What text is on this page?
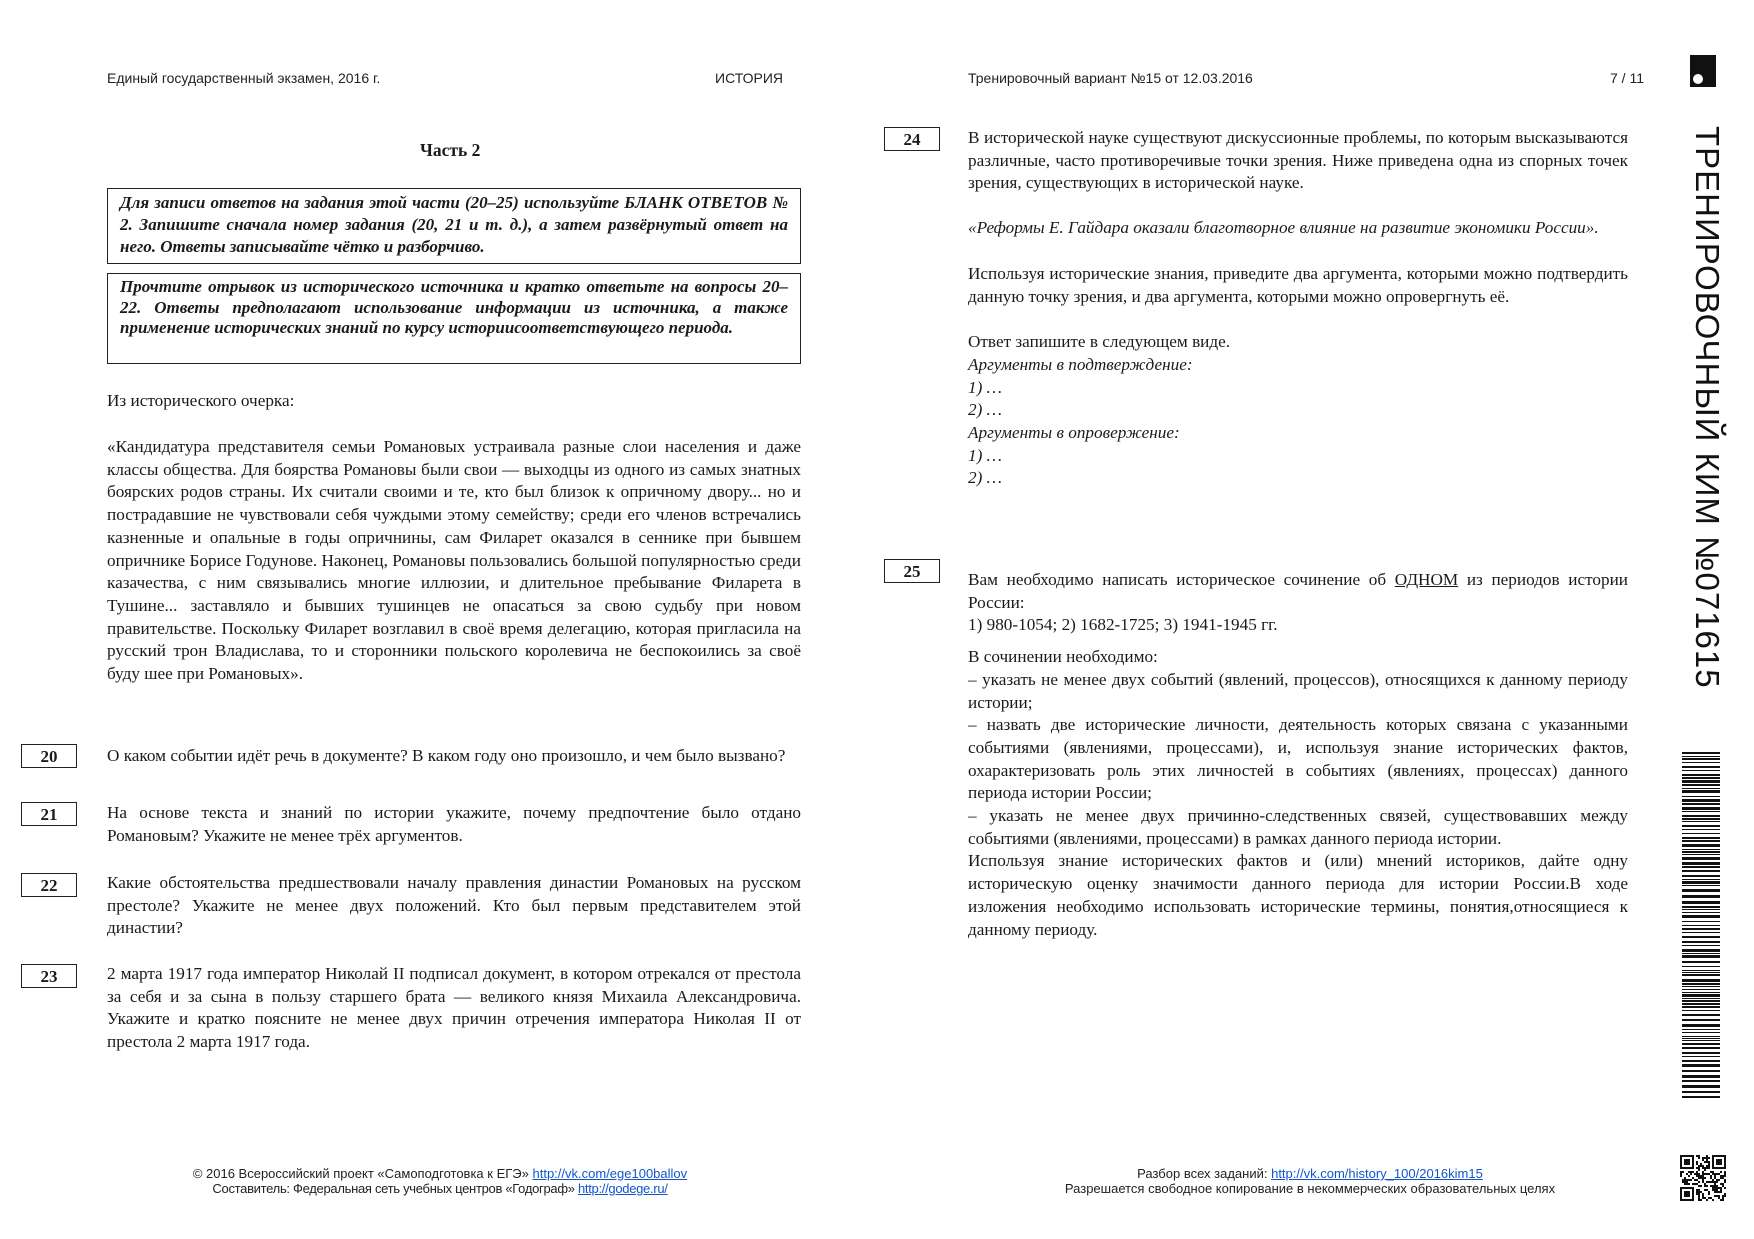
Единый государственный экзамен, 2016 г.	ИСТОРИЯ	Тренировочный вариант №15 от 12.03.2016	7 / 11
Часть 2
Для записи ответов на задания этой части (20–25) используйте БЛАНК ОТВЕТОВ № 2. Запишите сначала номер задания (20, 21 и т. д.), а затем развёрнутый ответ на него. Ответы записывайте чётко и разборчиво.
Прочтите отрывок из исторического источника и кратко ответьте на вопросы 20–22. Ответы предполагают использование информации из источника, а также применение исторических знаний по курсу историисоответствующего периода.

Из исторического очерка:

«Кандидатура представителя семьи Романовых устраивала разные слои населения и даже классы общества. Для боярства Романовы были свои — выходцы из одного из самых знатных боярских родов страны. Их считали своими и те, кто был близок к опричному двору... но и пострадавшие не чувствовали себя чуждыми этому семейству; среди его членов встречались казненные и опальные в годы опричнины, сам Филарет оказался в сеннике при бывшем опричнике Борисе Годунове. Наконец, Романовы пользовались большой популярностью среди казачества, с ним связывались многие иллюзии, и длительное пребывание Филарета в Тушине... заставляло и бывших тушинцев не опасаться за свою судьбу при новом правительстве. Поскольку Филарет возглавил в своё время делегацию, которая пригласила на русский трон Владислава, то и сторонники польского королевича не беспокоились за своё буду шее при Романовых».

20	О каком событии идёт речь в документе? В каком году оно произошло, и чем было вызвано?
21	На основе текста и знаний по истории укажите, почему предпочтение было отдано Романовым? Укажите не менее трёх аргументов.
22	Какие обстоятельства предшествовали началу правления династии Романовых на русском престоле? Укажите не менее двух положений. Кто был первым представителем этой династии?
23	2 марта 1917 года император Николай II подписал документ, в котором отрекался от престола за себя и за сына в пользу старшего брата — великого князя Михаила Александровича. Укажите и кратко поясните не менее двух причин отречения императора Николая II от престола 2 марта 1917 года.
24	В исторической науке существуют дискуссионные проблемы, по которым высказываются различные, часто противоречивые точки зрения. Ниже приведена одна из спорных точек зрения, существующих в исторической науке.

«Реформы Е. Гайдара оказали благотворное влияние на развитие экономики России».

Используя исторические знания, приведите два аргумента, которыми можно подтвердить данную точку зрения, и два аргумента, которыми можно опровергнуть её.

Ответ запишите в следующем виде.

Аргументы в подтверждение:

1) …

2) …

Аргументы в опровержение:

1) …

2) …

25	Вам необходимо написать историческое сочинение об ОДНОМ из периодов истории России:

1) 980-1054; 2) 1682-1725; 3) 1941-1945 гг.

В сочинении необходимо:

– указать не менее двух событий (явлений, процессов), относящихся к данному периоду истории;
– назвать две исторические личности, деятельность которых связана с указанными событиями (явлениями, процессами), и, используя знание исторических фактов, охарактеризовать роль этих личностей в событиях (явлениях, процессах) данного периода истории России;
– указать не менее двух причинно-следственных связей, существовавших между событиями (явлениями, процессами) в рамках данного периода истории.

Используя знание исторических фактов и (или) мнений историков, дайте одну историческую оценку значимости данного периода для истории России.В ходе изложения необходимо использовать исторические термины, понятия,относящиеся к данному периоду.

ТРЕНИРОВОЧНЫЙ КИМ №071615
© 2016 Всероссийский проект «Самоподготовка к ЕГЭ» http://vk.com/ege100ballov
Составитель: Федеральная сеть учебных центров «Годограф» http://godege.ru/
Разбор всех заданий: http://vk.com/history_100/2016kim15
Разрешается свободное копирование в некоммерческих образовательных целях
